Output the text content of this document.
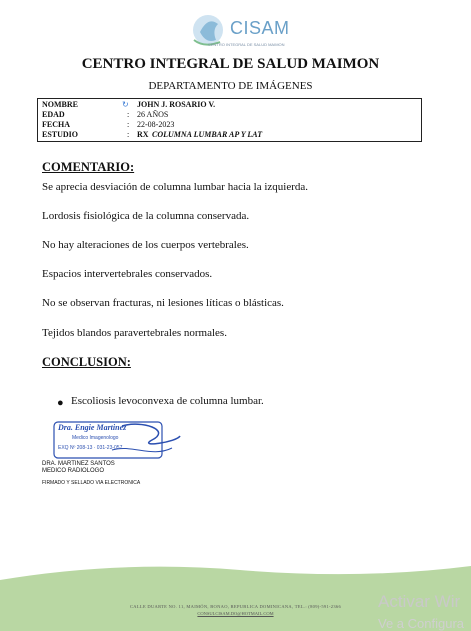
CISAM
CENTRO INTEGRAL DE SALUD MAIMON
CENTRO INTEGRAL DE SALUD MAIMON
DEPARTAMENTO DE IMÁGENES
NOMBRE	↻ JOHN J. ROSARIO V.
EDAD	: 26 AÑOS
FECHA	: 22-08-2023
ESTUDIO	: RX COLUMNA LUMBAR AP Y LAT
COMENTARIO:
Se aprecia desviación de columna lumbar hacia la izquierda.
Lordosis fisiológica de la columna conservada.
No hay alteraciones de los cuerpos vertebrales.
Espacios intervertebrales conservados.
No se observan fracturas, ni lesiones líticas o blásticas.
Tejidos blandos paravertebrales normales.
CONCLUSION:
● Escoliosis levoconvexa de columna lumbar.
Dra. Engie Martinez
Medico Imagenologo
EXQ Nº 208-13 · 031-23-057
DRA. MARTINEZ SANTOS
MEDICO RADIOLOGO
FIRMADO Y SELLADO VIA ELECTRONICA
CALLE DUARTE NO. 11, MAIMÓN, BONAO, REPUBLICA DOMINICANA, TEL.: (809)-591-2366
CONSULCISAM.DO@HOTMAIL.COM
Activar Wir
Ve a Configura
